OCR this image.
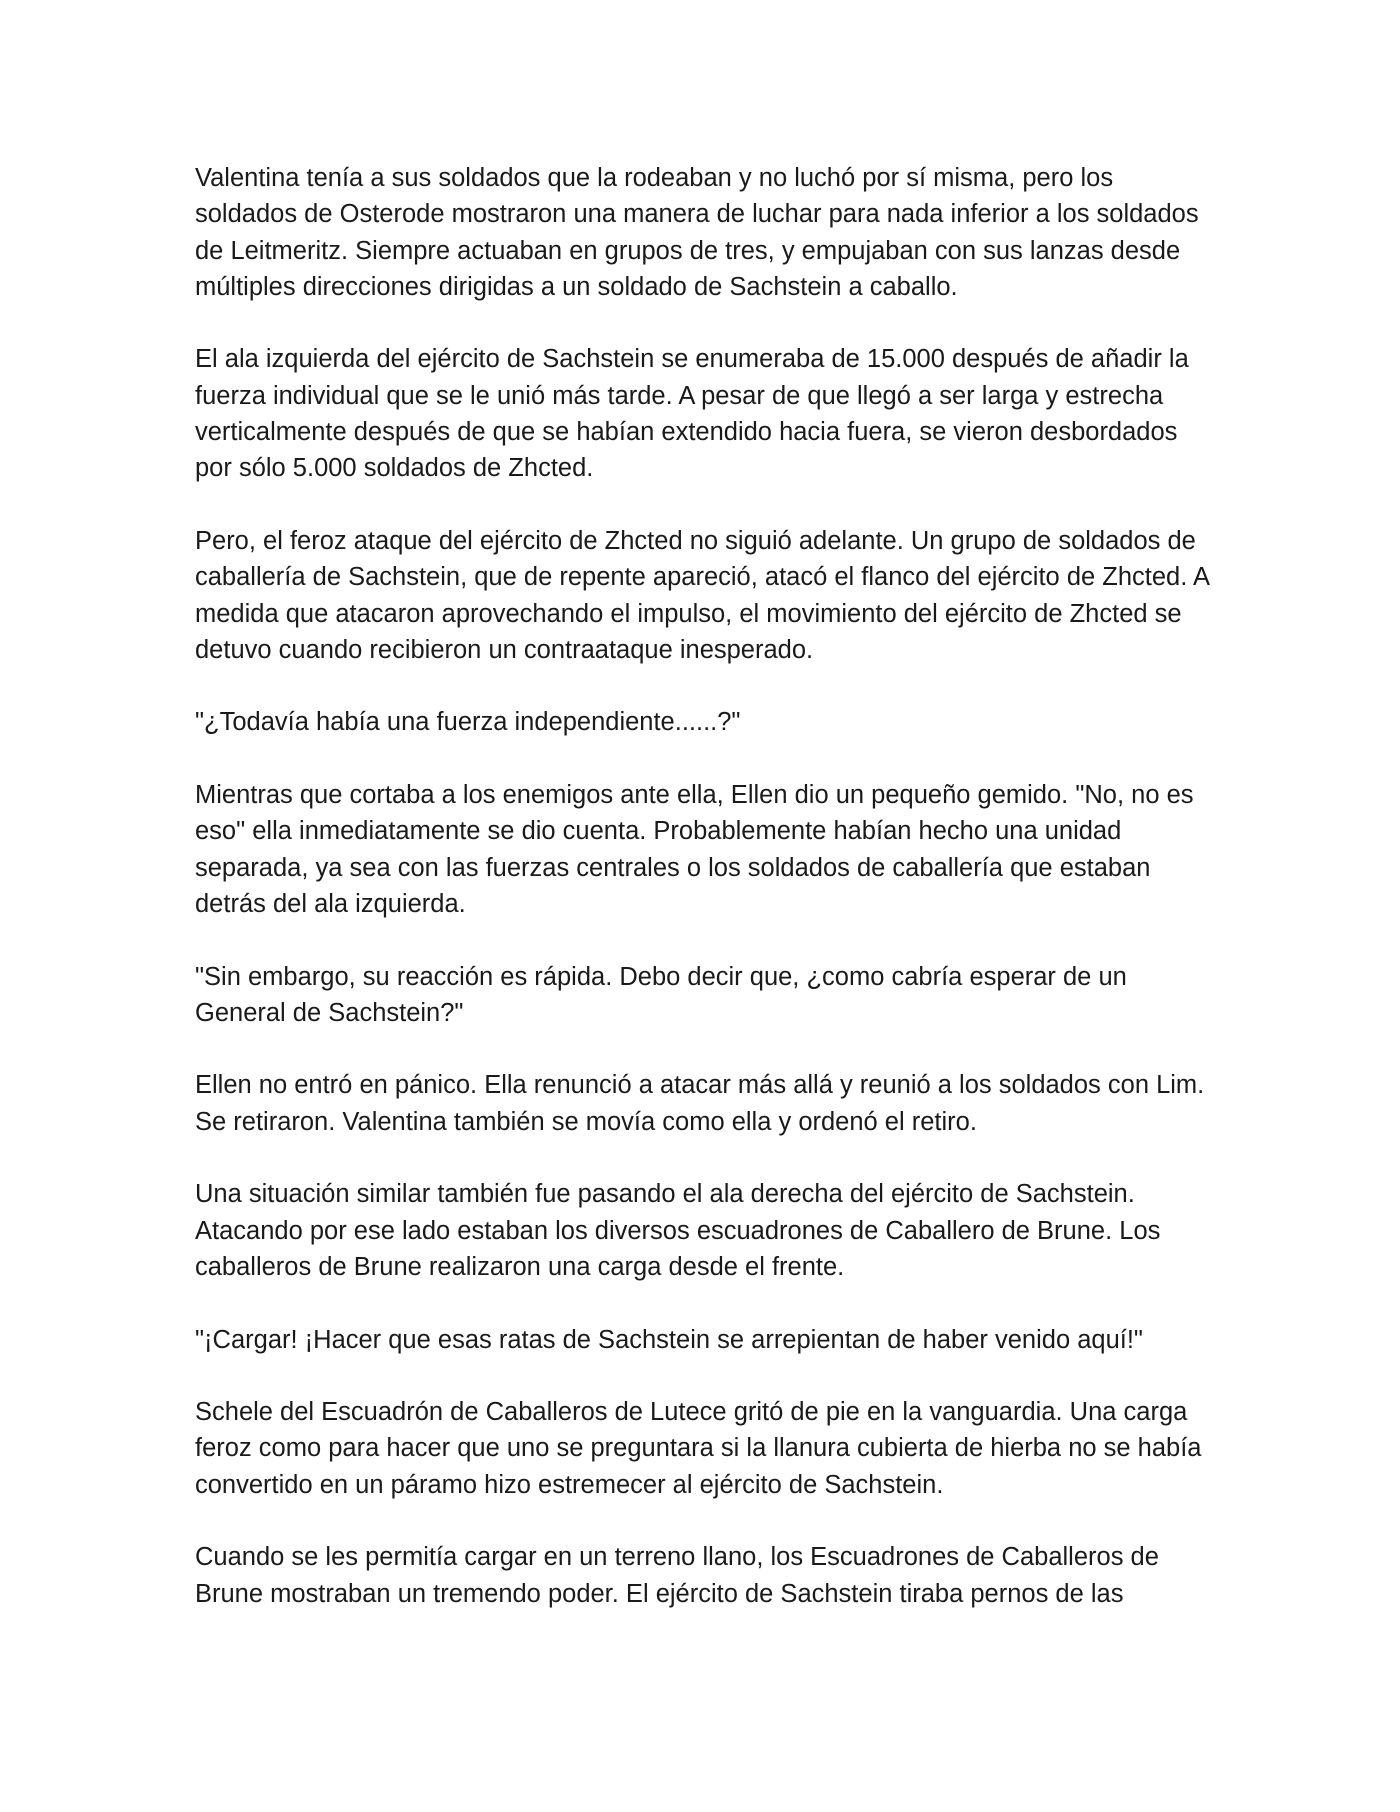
Valentina tenía a sus soldados que la rodeaban y no luchó por sí misma, pero los soldados de Osterode mostraron una manera de luchar para nada inferior a los soldados de Leitmeritz. Siempre actuaban en grupos de tres, y empujaban con sus lanzas desde múltiples direcciones dirigidas a un soldado de Sachstein a caballo.

El ala izquierda del ejército de Sachstein se enumeraba de 15.000 después de añadir la fuerza individual que se le unió más tarde. A pesar de que llegó a ser larga y estrecha verticalmente después de que se habían extendido hacia fuera, se vieron desbordados por sólo 5.000 soldados de Zhcted.

Pero, el feroz ataque del ejército de Zhcted no siguió adelante. Un grupo de soldados de caballería de Sachstein, que de repente apareció, atacó el flanco del ejército de Zhcted. A medida que atacaron aprovechando el impulso, el movimiento del ejército de Zhcted se detuvo cuando recibieron un contraataque inesperado.

"¿Todavía había una fuerza independiente......?"

Mientras que cortaba a los enemigos ante ella, Ellen dio un pequeño gemido. "No, no es eso" ella inmediatamente se dio cuenta. Probablemente habían hecho una unidad separada, ya sea con las fuerzas centrales o los soldados de caballería que estaban detrás del ala izquierda.

"Sin embargo, su reacción es rápida. Debo decir que, ¿como cabría esperar de un General de Sachstein?"

Ellen no entró en pánico. Ella renunció a atacar más allá y reunió a los soldados con Lim. Se retiraron. Valentina también se movía como ella y ordenó el retiro.

Una situación similar también fue pasando el ala derecha del ejército de Sachstein. Atacando por ese lado estaban los diversos escuadrones de Caballero de Brune. Los caballeros de Brune realizaron una carga desde el frente.

"¡Cargar! ¡Hacer que esas ratas de Sachstein se arrepientan de haber venido aquí!"

Schele del Escuadrón de Caballeros de Lutece gritó de pie en la vanguardia. Una carga feroz como para hacer que uno se preguntara si la llanura cubierta de hierba no se había convertido en un páramo hizo estremecer al ejército de Sachstein.

Cuando se les permitía cargar en un terreno llano, los Escuadrones de Caballeros de Brune mostraban un tremendo poder. El ejército de Sachstein tiraba pernos de las
